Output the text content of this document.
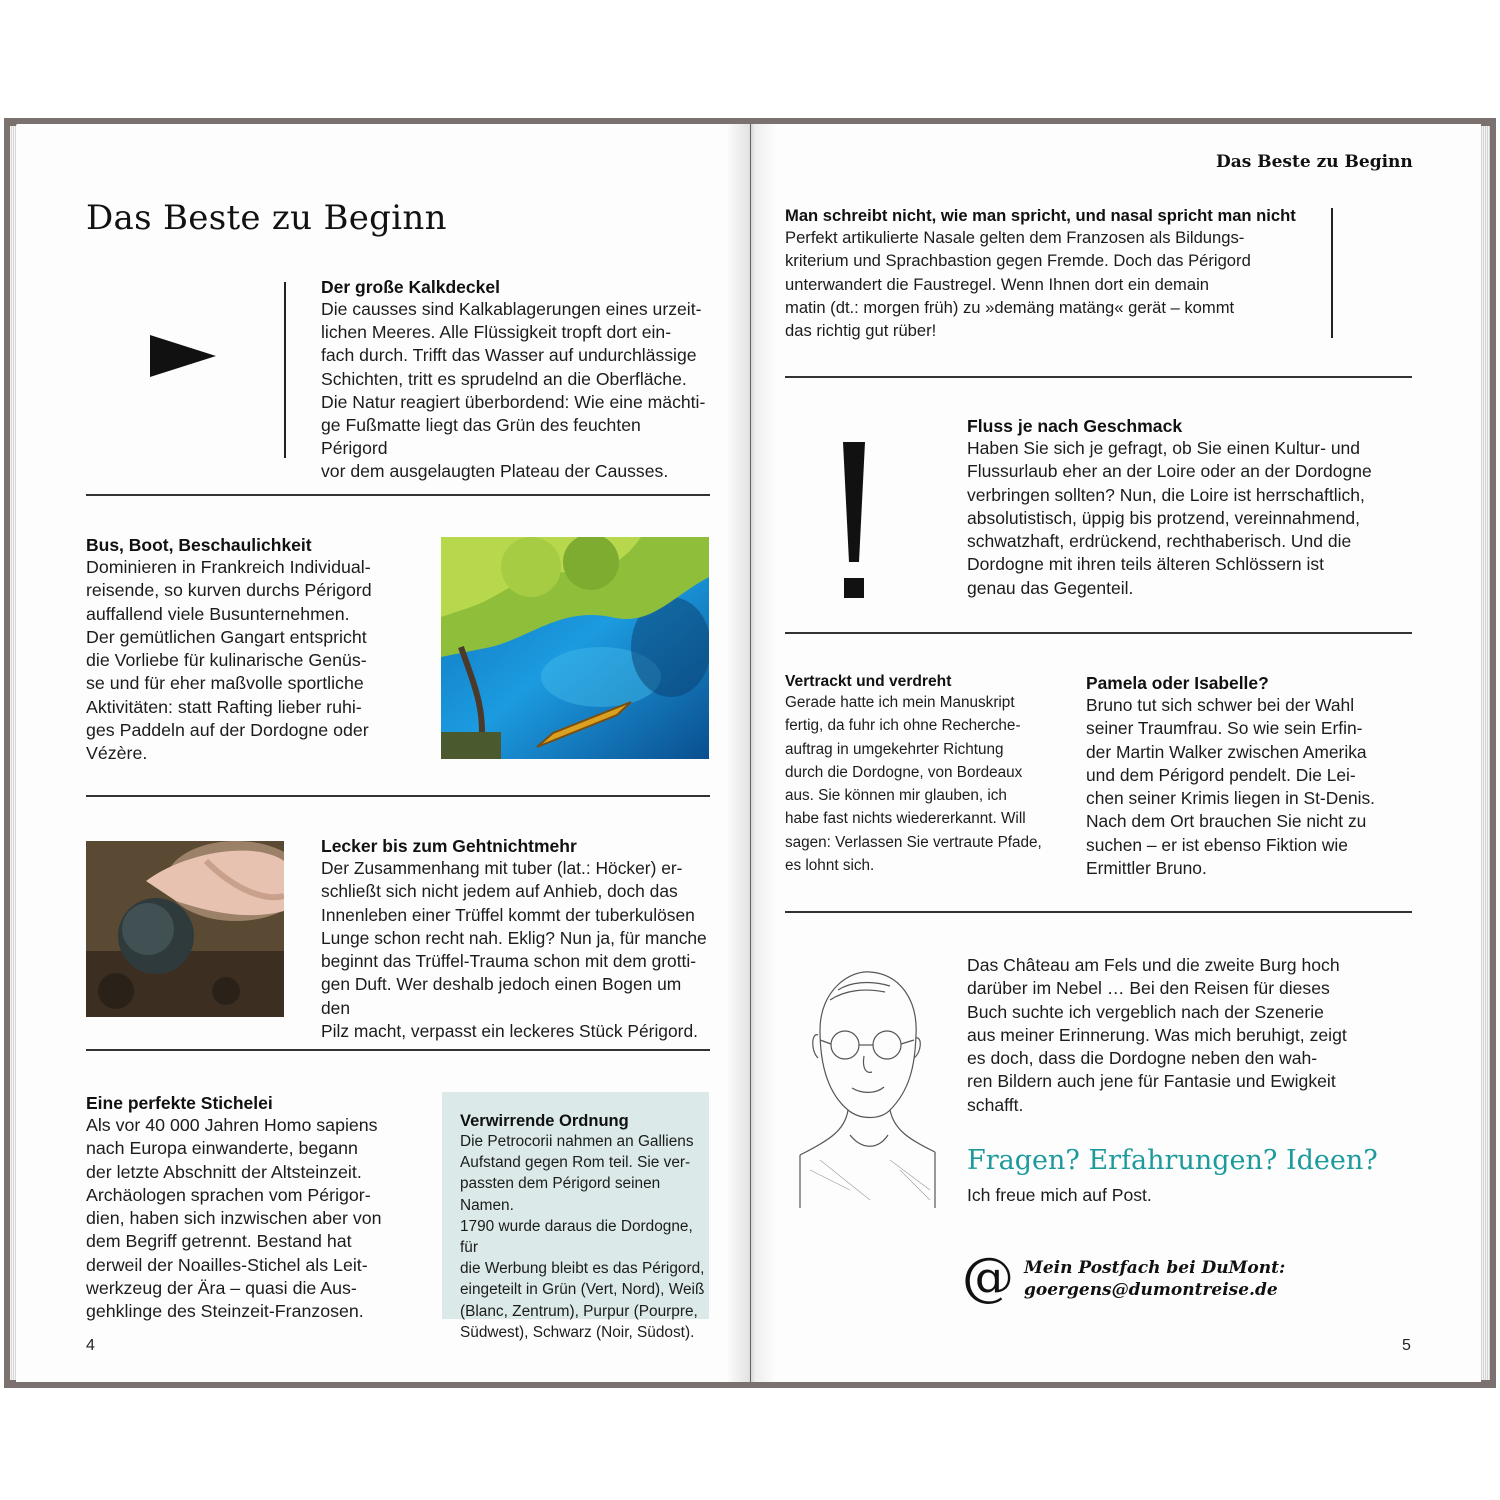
Das Beste zu Beginn
Der große Kalkdeckel
Die causses sind Kalkablagerungen eines urzeit-
lichen Meeres. Alle Flüssigkeit tropft dort ein-
fach durch. Trifft das Wasser auf undurchlässige
Schichten, tritt es sprudelnd an die Oberfläche.
Die Natur reagiert überbordend: Wie eine mächti-
ge Fußmatte liegt das Grün des feuchten Périgord
vor dem ausgelaugten Plateau der Causses.
Bus, Boot, Beschaulichkeit
Dominieren in Frankreich Individual-
reisende, so kurven durchs Périgord
auffallend viele Busunternehmen.
Der gemütlichen Gangart entspricht
die Vorliebe für kulinarische Genüs-
se und für eher maßvolle sportliche
Aktivitäten: statt Rafting lieber ruhi-
ges Paddeln auf der Dordogne oder
Vézère.
Lecker bis zum Gehtnichtmehr
Der Zusammenhang mit tuber (lat.: Höcker) er-
schließt sich nicht jedem auf Anhieb, doch das
Innenleben einer Trüffel kommt der tuberkulösen
Lunge schon recht nah. Eklig? Nun ja, für manche
beginnt das Trüffel-Trauma schon mit dem grotti-
gen Duft. Wer deshalb jedoch einen Bogen um den
Pilz macht, verpasst ein leckeres Stück Périgord.
Eine perfekte Stichelei
Als vor 40 000 Jahren Homo sapiens
nach Europa einwanderte, begann
der letzte Abschnitt der Altsteinzeit.
Archäologen sprachen vom Périgor-
dien, haben sich inzwischen aber von
dem Begriff getrennt. Bestand hat
derweil der Noailles-Stichel als Leit-
werkzeug der Ära – quasi die Aus-
gehklinge des Steinzeit-Franzosen.
Verwirrende Ordnung
Die Petrocorii nahmen an Galliens
Aufstand gegen Rom teil. Sie ver-
passten dem Périgord seinen Namen.
1790 wurde daraus die Dordogne, für
die Werbung bleibt es das Périgord,
eingeteilt in Grün (Vert, Nord), Weiß
(Blanc, Zentrum), Purpur (Pourpre,
Südwest), Schwarz (Noir, Südost).
4
Das Beste zu Beginn
Man schreibt nicht, wie man spricht, und nasal spricht man nicht
Perfekt artikulierte Nasale gelten dem Franzosen als Bildungs-
kriterium und Sprachbastion gegen Fremde. Doch das Périgord
unterwandert die Faustregel. Wenn Ihnen dort ein demain
matin (dt.: morgen früh) zu »demäng matäng« gerät – kommt
das richtig gut rüber!
Fluss je nach Geschmack
Haben Sie sich je gefragt, ob Sie einen Kultur- und
Flussurlaub eher an der Loire oder an der Dordogne
verbringen sollten? Nun, die Loire ist herrschaftlich,
absolutistisch, üppig bis protzend, vereinnahmend,
schwatzhaft, erdrückend, rechthaberisch. Und die
Dordogne mit ihren teils älteren Schlössern ist
genau das Gegenteil.
Vertrackt und verdreht
Gerade hatte ich mein Manuskript
fertig, da fuhr ich ohne Recherche-
auftrag in umgekehrter Richtung
durch die Dordogne, von Bordeaux
aus. Sie können mir glauben, ich
habe fast nichts wiedererkannt. Will
sagen: Verlassen Sie vertraute Pfade,
es lohnt sich.
Pamela oder Isabelle?
Bruno tut sich schwer bei der Wahl
seiner Traumfrau. So wie sein Erfin-
der Martin Walker zwischen Amerika
und dem Périgord pendelt. Die Lei-
chen seiner Krimis liegen in St-Denis.
Nach dem Ort brauchen Sie nicht zu
suchen – er ist ebenso Fiktion wie
Ermittler Bruno.
Das Château am Fels und die zweite Burg hoch
darüber im Nebel … Bei den Reisen für dieses
Buch suchte ich vergeblich nach der Szenerie
aus meiner Erinnerung. Was mich beruhigt, zeigt
es doch, dass die Dordogne neben den wah-
ren Bildern auch jene für Fantasie und Ewigkeit
schafft.
Fragen? Erfahrungen? Ideen?
Ich freue mich auf Post.
@ Mein Postfach bei DuMont:
goergens@dumontreise.de
5
